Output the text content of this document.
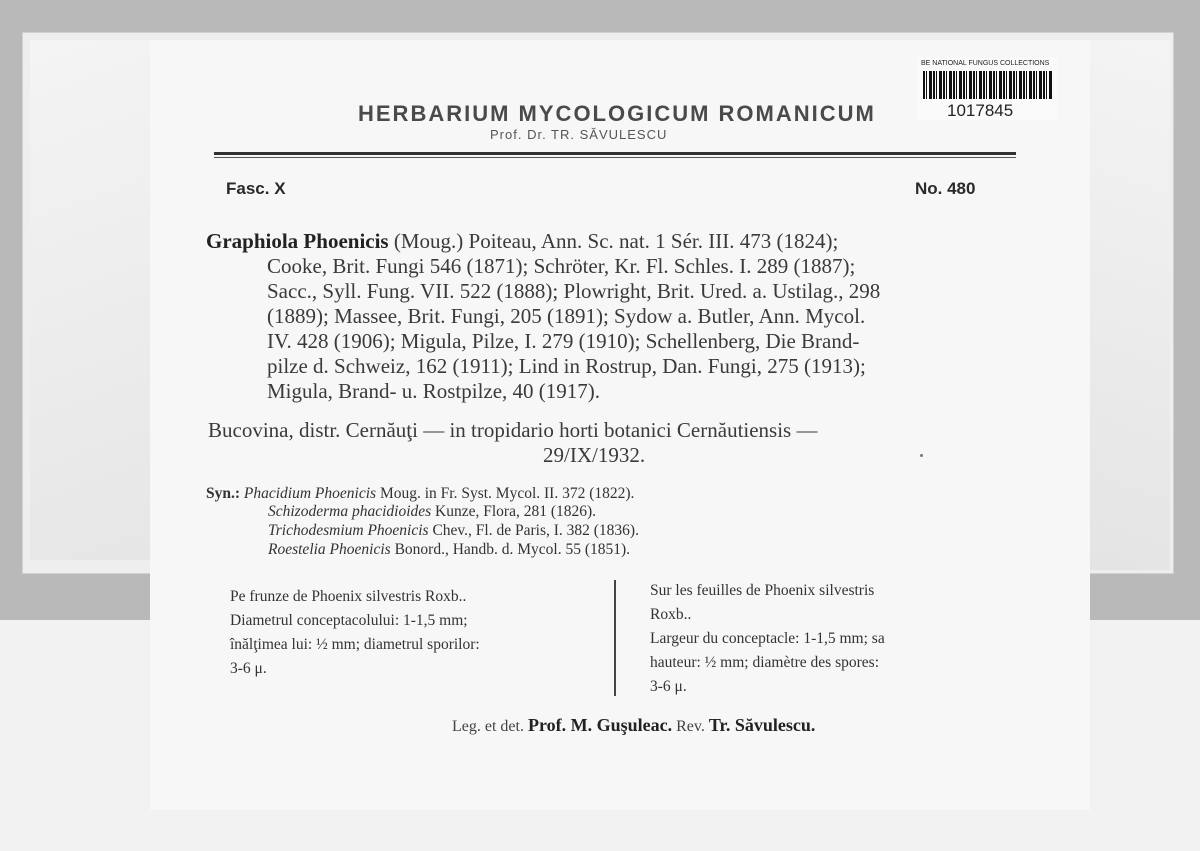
HERBARIUM MYCOLOGICUM ROMANICUM
Prof. Dr. TR. SĂVULESCU
BE NATIONAL FUNGUS COLLECTIONS
1017845
Fasc. X	No. 480
Graphiola Phoenicis (Moug.) Poiteau, Ann. Sc. nat. 1 Sér. III. 473 (1824);
Cooke, Brit. Fungi 546 (1871); Schröter, Kr. Fl. Schles. I. 289 (1887);
Sacc., Syll. Fung. VII. 522 (1888); Plowright, Brit. Ured. a. Ustilag., 298
(1889); Massee, Brit. Fungi, 205 (1891); Sydow a. Butler, Ann. Mycol.
IV. 428 (1906); Migula, Pilze, I. 279 (1910); Schellenberg, Die Brand-
pilze d. Schweiz, 162 (1911); Lind in Rostrup, Dan. Fungi, 275 (1913);
Migula, Brand- u. Rostpilze, 40 (1917).
Bucovina, distr. Cernăuţi — in tropidario horti botanici Cernăutiensis —
29/IX/1932.
Syn.: Phacidium Phoenicis Moug. in Fr. Syst. Mycol. II. 372 (1822).
Schizoderma phacidioides Kunze, Flora, 281 (1826).
Trichodesmium Phoenicis Chev., Fl. de Paris, I. 382 (1836).
Roestelia Phoenicis Bonord., Handb. d. Mycol. 55 (1851).
Pe frunze de Phoenix silvestris Roxb..
Diametrul conceptacolului: 1-1,5 mm;
înălţimea lui: ½ mm; diametrul sporilor:
3-6 μ.
Sur les feuilles de Phoenix silvestris
Roxb..
Largeur du conceptacle: 1-1,5 mm; sa
hauteur: ½ mm; diamètre des spores:
3-6 μ.
Leg. et det. Prof. M. Guşuleac. Rev. Tr. Săvulescu.
